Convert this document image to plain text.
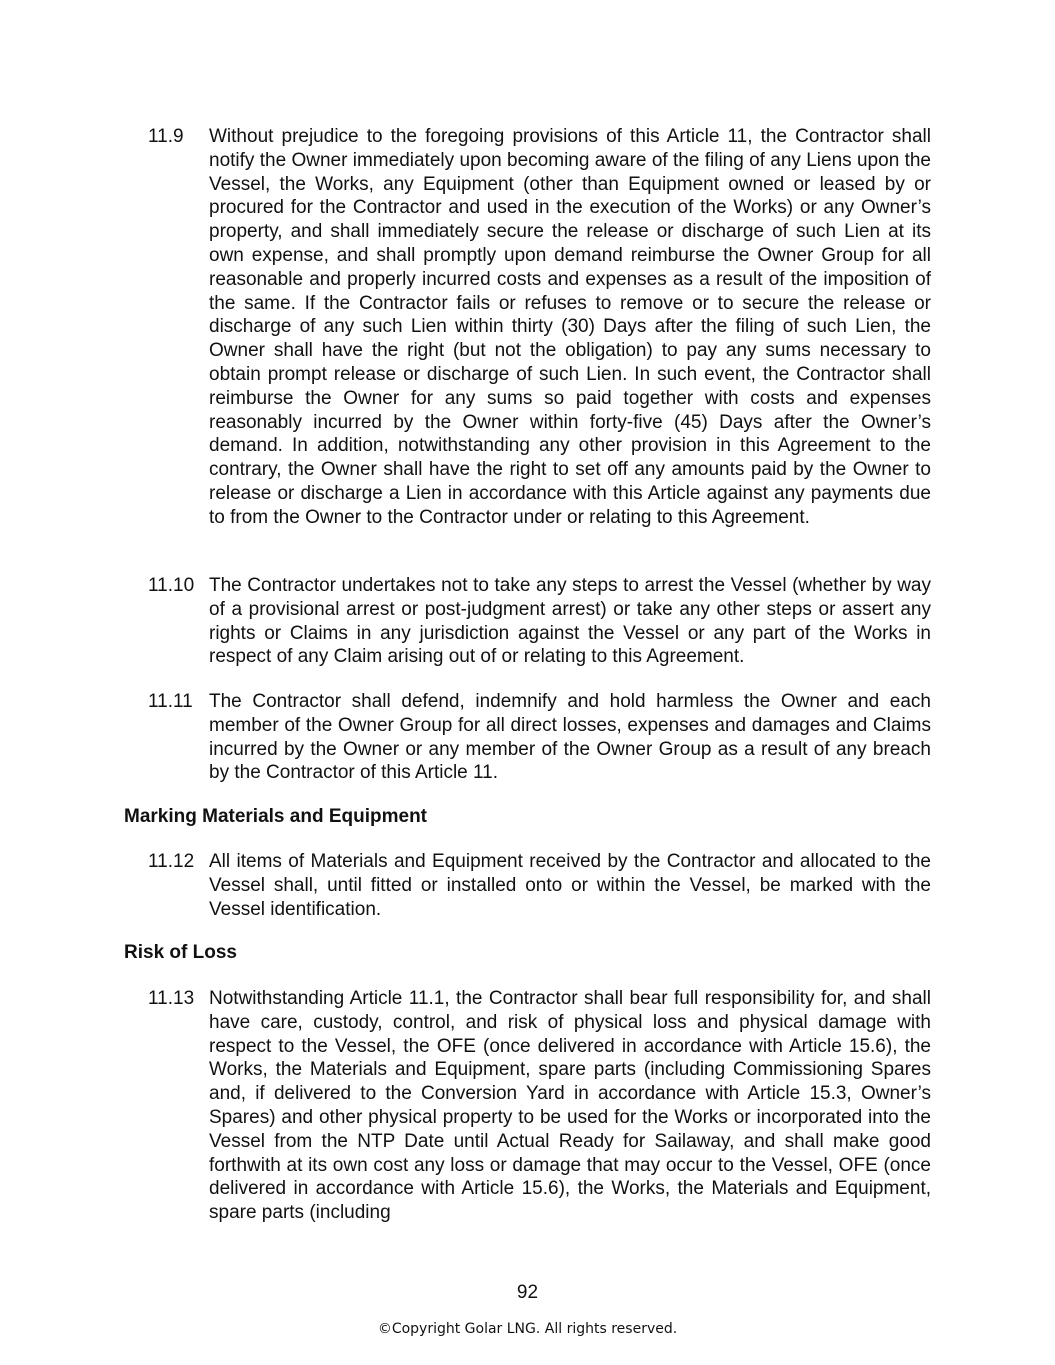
11.9	Without prejudice to the foregoing provisions of this Article 11, the Contractor shall notify the Owner immediately upon becoming aware of the filing of any Liens upon the Vessel, the Works, any Equipment (other than Equipment owned or leased by or procured for the Contractor and used in the execution of the Works) or any Owner’s property, and shall immediately secure the release or discharge of such Lien at its own expense, and shall promptly upon demand reimburse the Owner Group for all reasonable and properly incurred costs and expenses as a result of the imposition of the same. If the Contractor fails or refuses to remove or to secure the release or discharge of any such Lien within thirty (30) Days after the filing of such Lien, the Owner shall have the right (but not the obligation) to pay any sums necessary to obtain prompt release or discharge of such Lien. In such event, the Contractor shall reimburse the Owner for any sums so paid together with costs and expenses reasonably incurred by the Owner within forty-five (45) Days after the Owner’s demand. In addition, notwithstanding any other provision in this Agreement to the contrary, the Owner shall have the right to set off any amounts paid by the Owner to release or discharge a Lien in accordance with this Article against any payments due to from the Owner to the Contractor under or relating to this Agreement.

11.10 The Contractor undertakes not to take any steps to arrest the Vessel (whether by way of a provisional arrest or post-judgment arrest) or take any other steps or assert any rights or Claims in any jurisdiction against the Vessel or any part of the Works in respect of any Claim arising out of or relating to this Agreement.

11.11 The Contractor shall defend, indemnify and hold harmless the Owner and each member of the Owner Group for all direct losses, expenses and damages and Claims incurred by the Owner or any member of the Owner Group as a result of any breach by the Contractor of this Article 11.

Marking Materials and Equipment
11.12 All items of Materials and Equipment received by the Contractor and allocated to the Vessel shall, until fitted or installed onto or within the Vessel, be marked with the Vessel identification.

Risk of Loss
11.13 Notwithstanding Article 11.1, the Contractor shall bear full responsibility for, and shall have care, custody, control, and risk of physical loss and physical damage with respect to the Vessel, the OFE (once delivered in accordance with Article 15.6), the Works, the Materials and Equipment, spare parts (including Commissioning Spares and, if delivered to the Conversion Yard in accordance with Article 15.3, Owner’s Spares) and other physical property to be used for the Works or incorporated into the Vessel from the NTP Date until Actual Ready for Sailaway, and shall make good forthwith at its own cost any loss or damage that may occur to the Vessel, OFE (once delivered in accordance with Article 15.6), the Works, the Materials and Equipment, spare parts (including

92
©Copyright Golar LNG. All rights reserved.
